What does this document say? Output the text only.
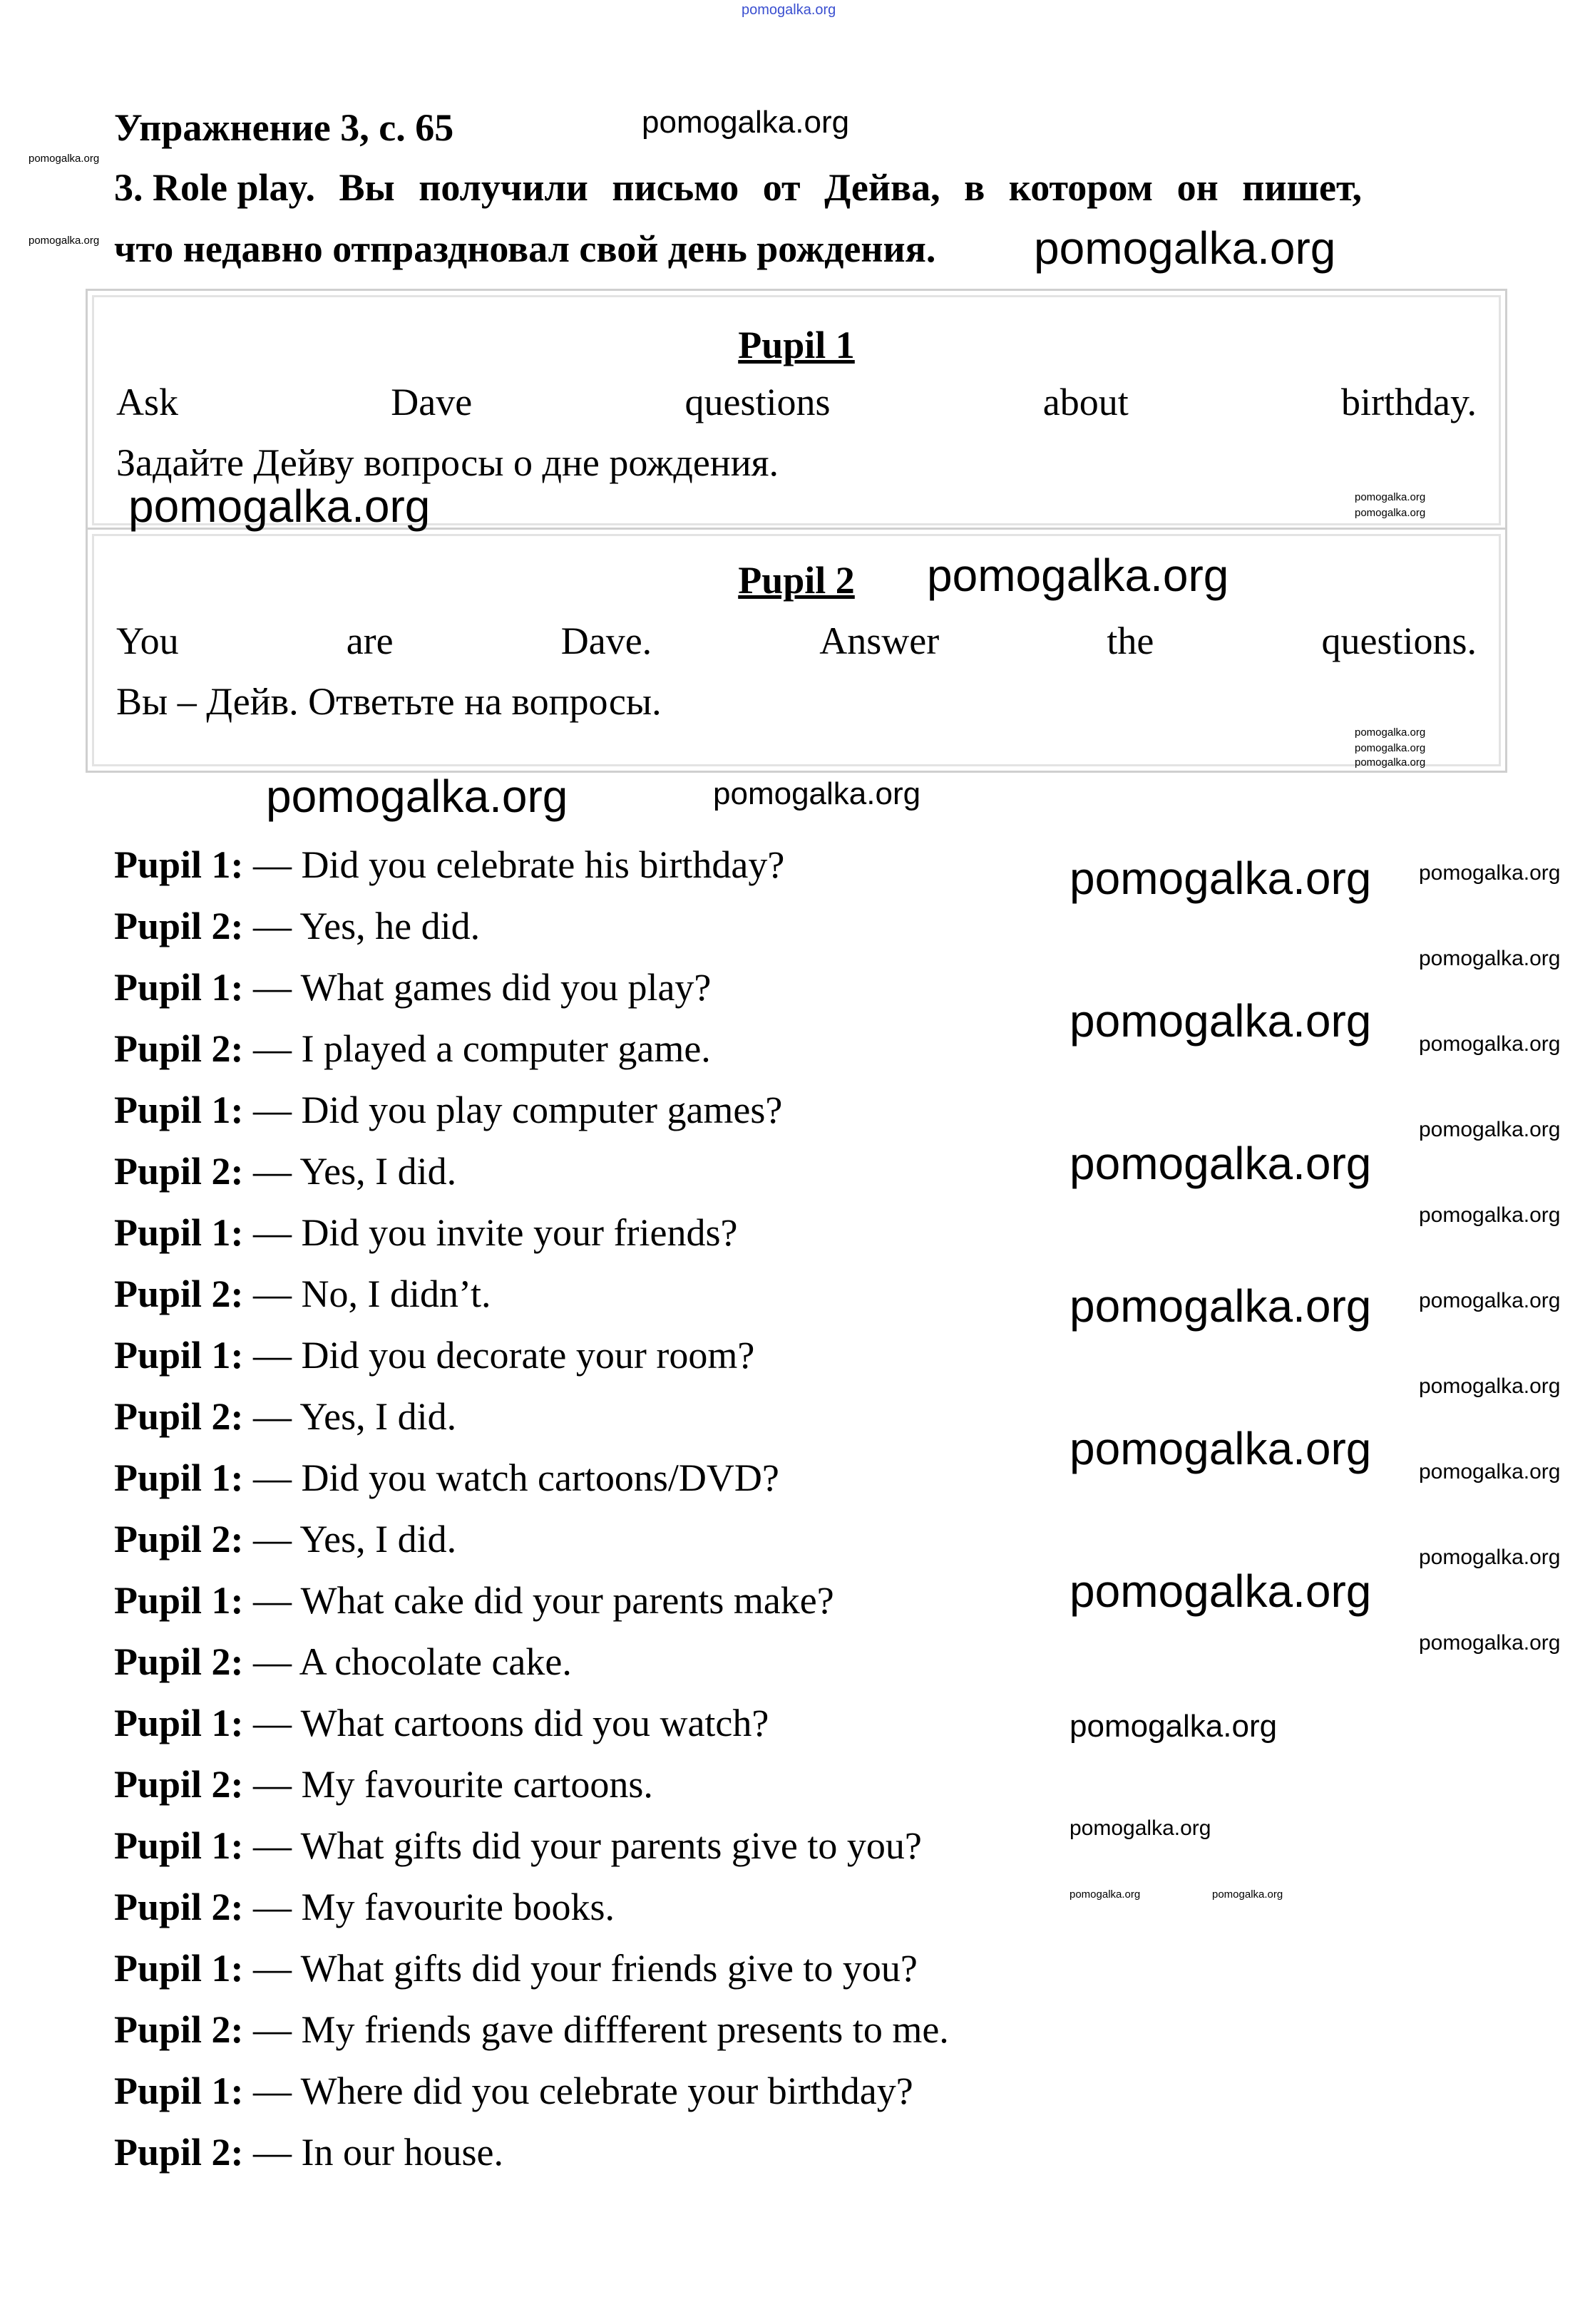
pomogalka.org
Упражнение 3, с. 65
3. Role play. Вы получили письмо от Дейва, в котором он пишет,
что недавно отпраздновал свой день рождения.
Pupil 1
Ask	Dave	questions	about	birthday.
Задайте Дейву вопросы о дне рождения.
Pupil 2
You	are	Dave.	Answer	the	questions.
Вы – Дейв. Ответьте на вопросы.
Pupil 1: — Did you celebrate his birthday?
Pupil 2: — Yes, he did.
Pupil 1: — What games did you play?
Pupil 2: — I played a computer game.
Pupil 1: — Did you play computer games?
Pupil 2: — Yes, I did.
Pupil 1: — Did you invite your friends?
Pupil 2: — No, I didn’t.
Pupil 1: — Did you decorate your room?
Pupil 2: — Yes, I did.
Pupil 1: — Did you watch cartoons/DVD?
Pupil 2: — Yes, I did.
Pupil 1: — What cake did your parents make?
Pupil 2: — A chocolate cake.
Pupil 1: — What cartoons did you watch?
Pupil 2: — My favourite cartoons.
Pupil 1: — What gifts did your parents give to you?
Pupil 2: — My favourite books.
Pupil 1: — What gifts did your friends give to you?
Pupil 2: — My friends gave diffferent presents to me.
Pupil 1: — Where did you celebrate your birthday?
Pupil 2: — In our house.
pomogalka.org
pomogalka.org
pomogalka.org	pomogalka.org
pomogalka.org
pomogalka.org
pomogalka.org
pomogalka.org
pomogalka.org
pomogalka.org
pomogalka.org
pomogalka.org	pomogalka.org
pomogalka.org
pomogalka.org
pomogalka.org
pomogalka.org
pomogalka.org
pomogalka.org
pomogalka.org
pomogalka.org
pomogalka.org
pomogalka.org
pomogalka.org
pomogalka.org
pomogalka.org
pomogalka.org
pomogalka.org
pomogalka.org
pomogalka.org
pomogalka.org
pomogalka.org	pomogalka.org
